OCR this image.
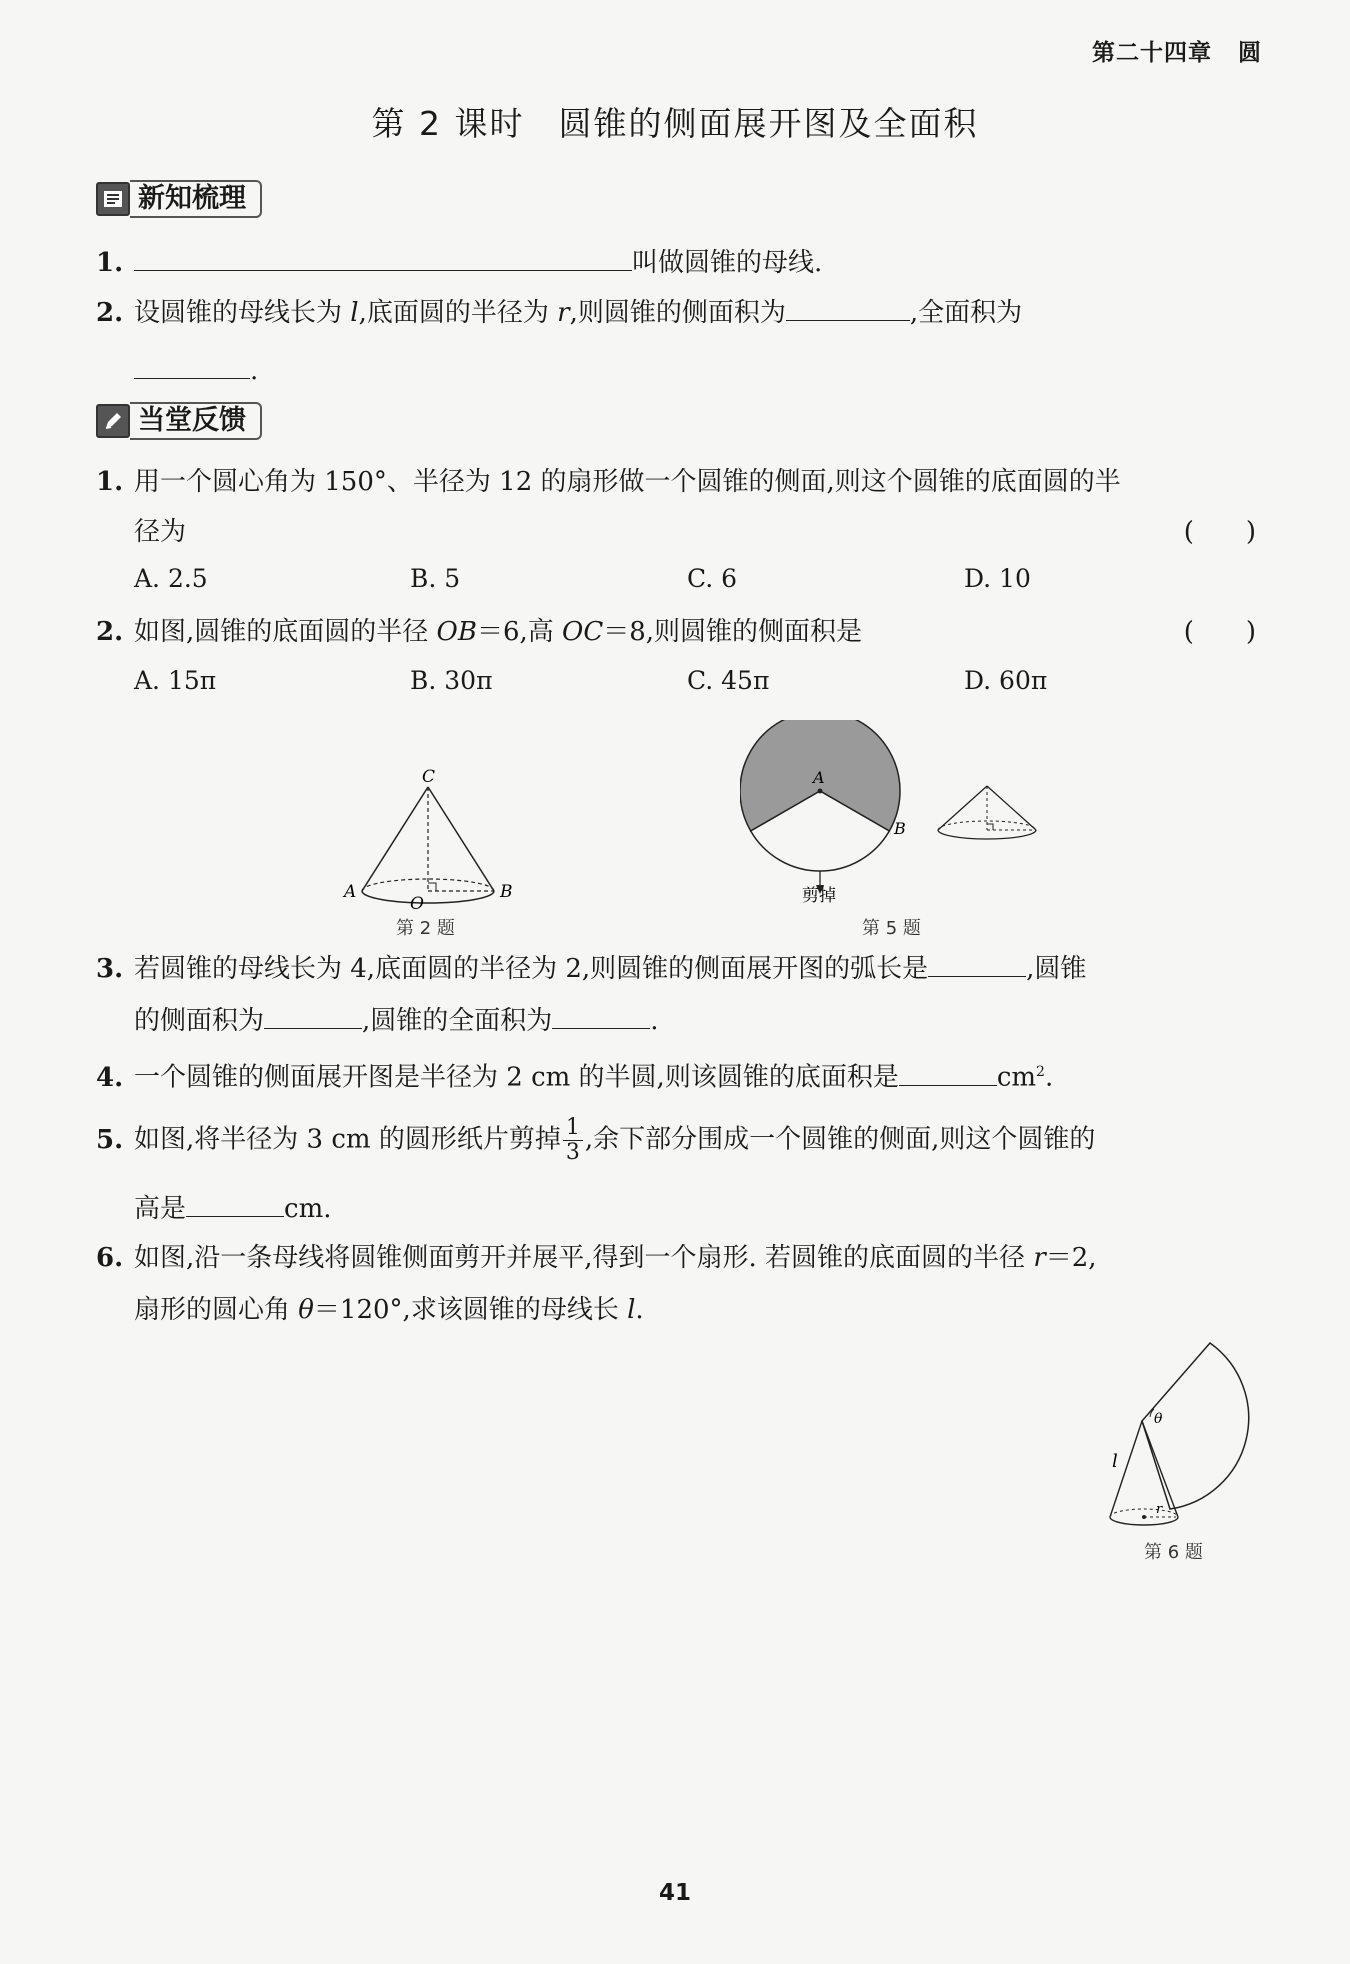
第二十四章 圆
第 2 课时 圆锥的侧面展开图及全面积
新知梳理
1.	叫做圆锥的母线.
2. 设圆锥的母线长为 l,底面圆的半径为 r,则圆锥的侧面积为	,全面积为
.
当堂反馈
1. 用一个圆心角为 150°、半径为 12 的扇形做一个圆锥的侧面,则这个圆锥的底面圆的半
径为	(　　)
A. 2.5	B. 5	C. 6	D. 10
2. 如图,圆锥的底面圆的半径 OB＝6,高 OC＝8,则圆锥的侧面积是	(　　)
A. 15π	B. 30π	C. 45π	D. 60π
C
A
O
B
第 2 题
A
B
剪掉
第 5 题
3. 若圆锥的母线长为 4,底面圆的半径为 2,则圆锥的侧面展开图的弧长是	,圆锥
的侧面积为	,圆锥的全面积为	.
4. 一个圆锥的侧面展开图是半径为 2 cm 的半圆,则该圆锥的底面积是	$cm^2$.
5. 如图,将半径为 3 cm 的圆形纸片剪掉 $\frac{1}{3}$ ,余下部分围成一个圆锥的侧面,则这个圆锥的
高是	cm.
6. 如图,沿一条母线将圆锥侧面剪开并展平,得到一个扇形. 若圆锥的底面圆的半径 r＝2,
扇形的圆心角 θ＝120°,求该圆锥的母线长 l.
θ
l
r
第 6 题
41
